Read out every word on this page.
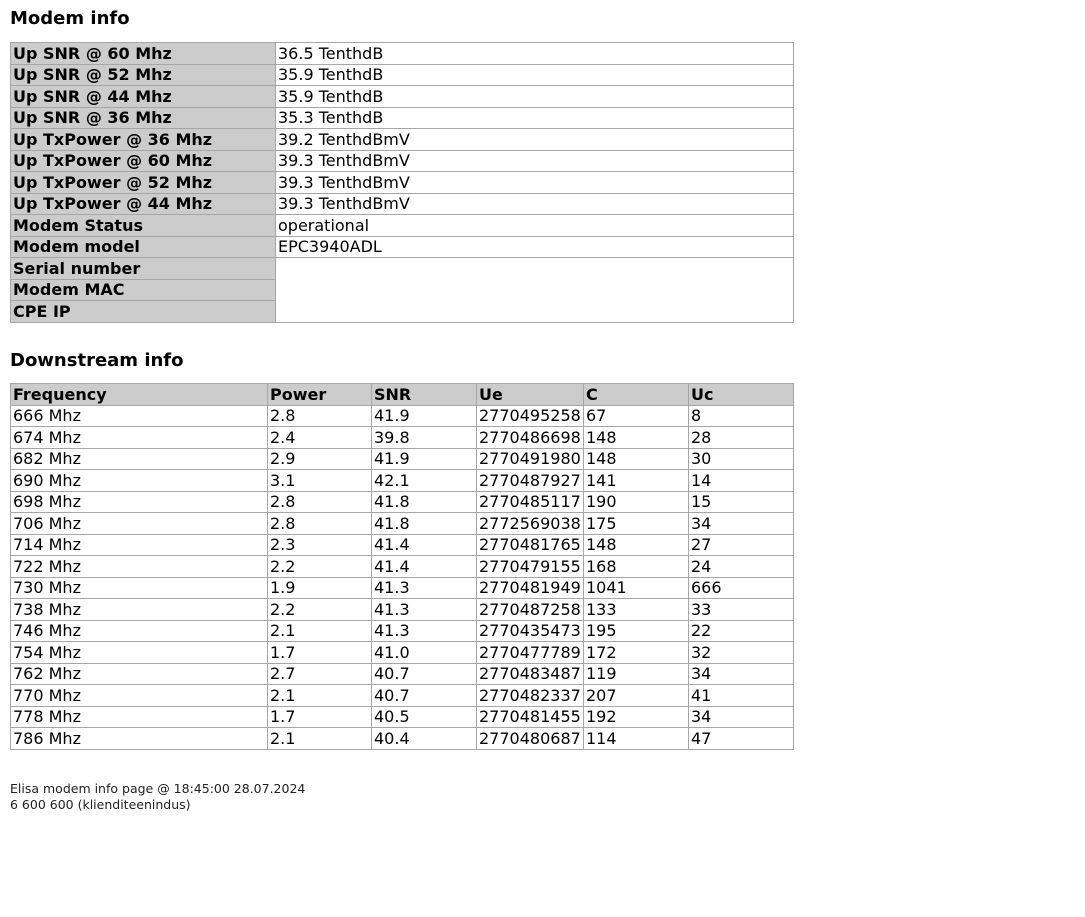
Modem info
Up SNR @ 60 Mhz	36.5 TenthdB
Up SNR @ 52 Mhz	35.9 TenthdB
Up SNR @ 44 Mhz	35.9 TenthdB
Up SNR @ 36 Mhz	35.3 TenthdB
Up TxPower @ 36 Mhz	39.2 TenthdBmV
Up TxPower @ 60 Mhz	39.3 TenthdBmV
Up TxPower @ 52 Mhz	39.3 TenthdBmV
Up TxPower @ 44 Mhz	39.3 TenthdBmV
Modem Status	operational
Modem model	EPC3940ADL
Serial number	
Modem MAC	
CPE IP	
Downstream info
Frequency	Power	SNR	Ue	C	Uc
666 Mhz	2.8	41.9	2770495258	67	8
674 Mhz	2.4	39.8	2770486698	148	28
682 Mhz	2.9	41.9	2770491980	148	30
690 Mhz	3.1	42.1	2770487927	141	14
698 Mhz	2.8	41.8	2770485117	190	15
706 Mhz	2.8	41.8	2772569038	175	34
714 Mhz	2.3	41.4	2770481765	148	27
722 Mhz	2.2	41.4	2770479155	168	24
730 Mhz	1.9	41.3	2770481949	1041	666
738 Mhz	2.2	41.3	2770487258	133	33
746 Mhz	2.1	41.3	2770435473	195	22
754 Mhz	1.7	41.0	2770477789	172	32
762 Mhz	2.7	40.7	2770483487	119	34
770 Mhz	2.1	40.7	2770482337	207	41
778 Mhz	1.7	40.5	2770481455	192	34
786 Mhz	2.1	40.4	2770480687	114	47
Elisa modem info page @ 18:45:00 28.07.2024
6 600 600 (klienditeenindus)
